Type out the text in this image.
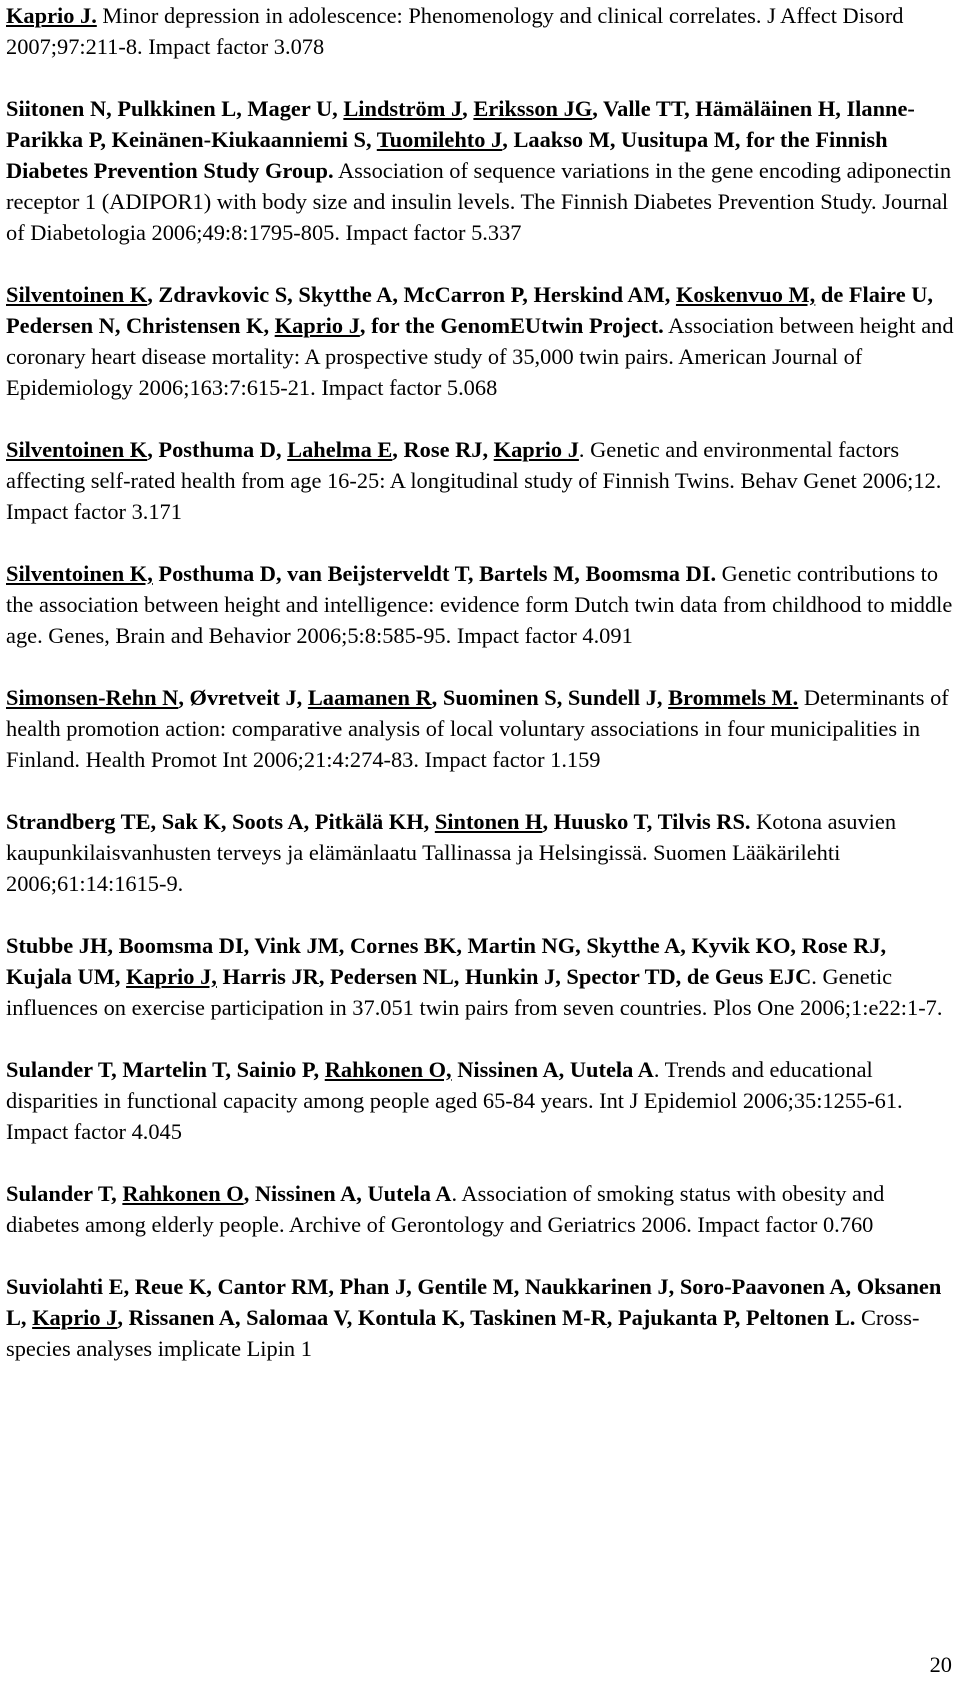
Kaprio J. Minor depression in adolescence: Phenomenology and clinical correlates. J Affect Disord 2007;97:211-8. Impact factor 3.078

Siitonen N, Pulkkinen L, Mager U, Lindström J, Eriksson JG, Valle TT, Hämäläinen H, Ilanne-Parikka P, Keinänen-Kiukaanniemi S, Tuomilehto J, Laakso M, Uusitupa M, for the Finnish Diabetes Prevention Study Group. Association of sequence variations in the gene encoding adiponectin receptor 1 (ADIPOR1) with body size and insulin levels. The Finnish Diabetes Prevention Study. Journal of Diabetologia 2006;49:8:1795-805. Impact factor 5.337

Silventoinen K, Zdravkovic S, Skytthe A, McCarron P, Herskind AM, Koskenvuo M, de Flaire U, Pedersen N, Christensen K, Kaprio J, for the GenomEUtwin Project. Association between height and coronary heart disease mortality: A prospective study of 35,000 twin pairs. American Journal of Epidemiology 2006;163:7:615-21. Impact factor 5.068

Silventoinen K, Posthuma D, Lahelma E, Rose RJ, Kaprio J. Genetic and environmental factors affecting self-rated health from age 16-25: A longitudinal study of Finnish Twins. Behav Genet 2006;12. Impact factor 3.171

Silventoinen K, Posthuma D, van Beijsterveldt T, Bartels M, Boomsma DI. Genetic contributions to the association between height and intelligence: evidence form Dutch twin data from childhood to middle age. Genes, Brain and Behavior 2006;5:8:585-95. Impact factor 4.091

Simonsen-Rehn N, Øvretveit J, Laamanen R, Suominen S, Sundell J, Brommels M. Determinants of health promotion action: comparative analysis of local voluntary associations in four municipalities in Finland. Health Promot Int 2006;21:4:274-83. Impact factor 1.159

Strandberg TE, Sak K, Soots A, Pitkälä KH, Sintonen H, Huusko T, Tilvis RS. Kotona asuvien kaupunkilaisvanhusten terveys ja elämänlaatu Tallinassa ja Helsingissä. Suomen Lääkärilehti 2006;61:14:1615-9.

Stubbe JH, Boomsma DI, Vink JM, Cornes BK, Martin NG, Skytthe A, Kyvik KO, Rose RJ, Kujala UM, Kaprio J, Harris JR, Pedersen NL, Hunkin J, Spector TD, de Geus EJC. Genetic influences on exercise participation in 37.051 twin pairs from seven countries. Plos One 2006;1:e22:1-7.

Sulander T, Martelin T, Sainio P, Rahkonen O, Nissinen A, Uutela A. Trends and educational disparities in functional capacity among people aged 65-84 years. Int J Epidemiol 2006;35:1255-61. Impact factor 4.045

Sulander T, Rahkonen O, Nissinen A, Uutela A. Association of smoking status with obesity and diabetes among elderly people. Archive of Gerontology and Geriatrics 2006. Impact factor 0.760

Suviolahti E, Reue K, Cantor RM, Phan J, Gentile M, Naukkarinen J, Soro-Paavonen A, Oksanen L, Kaprio J, Rissanen A, Salomaa V, Kontula K, Taskinen M-R, Pajukanta P, Peltonen L. Cross-species analyses implicate Lipin 1

20
